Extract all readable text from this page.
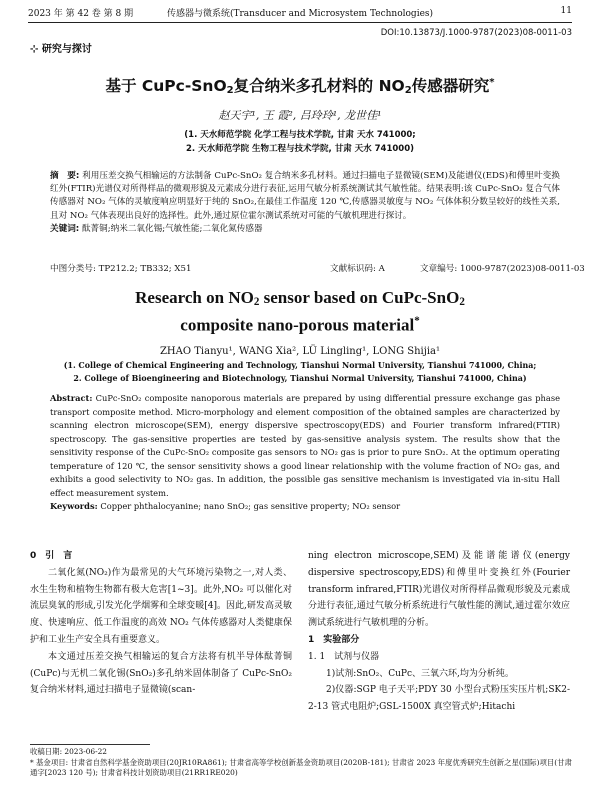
2023 年 第 42 卷 第 8 期	传感器与微系统(Transducer and Microsystem Technologies)	11
DOI:10.13873/J.1000-9787(2023)08-0011-03
⊹ 研究与探讨
基于 CuPc-SnO$_2$复合纳米多孔材料的 $NO_2$传感器研究*
赵天宇¹, 王 霞², 吕玲玲¹, 龙世佳¹
(1. 天水师范学院 化学工程与技术学院, 甘肃 天水 741000;
2. 天水师范学院 生物工程与技术学院, 甘肃 天水 741000)
摘　要: 利用压差交换气相输运的方法制备 CuPc-SnO₂ 复合纳米多孔材料。通过扫描电子显微镜(SEM)及能谱仪(EDS)和傅里叶变换红外(FTIR)光谱仪对所得样品的微观形貌及元素成分进行表征,运用气敏分析系统测试其气敏性能。结果表明:该 CuPc-SnO₂ 复合气体传感器对 NO₂ 气体的灵敏度响应明显好于纯的 SnO₂,在最佳工作温度 120 ℃,传感器灵敏度与 NO₂ 气体体积分数呈较好的线性关系,且对 NO₂ 气体表现出良好的选择性。此外,通过原位霍尔测试系统对可能的气敏机理进行探讨。
关键词: 酞菁铜;纳米二氧化锡;气敏性能;二氧化氮传感器
中图分类号: TP212.2; TB332; X51	文献标识码: A	文章编号: 1000-9787(2023)08-0011-03
Research on $NO_2$ sensor based on CuPc-SnO$_2$
composite nano-porous material*
ZHAO Tianyu¹, WANG Xia², LÜ Lingling¹, LONG Shijia¹
(1. College of Chemical Engineering and Technology, Tianshui Normal University, Tianshui 741000, China;
2. College of Bioengineering and Biotechnology, Tianshui Normal University, Tianshui 741000, China)
Abstract: CuPc-SnO₂ composite nanoporous materials are prepared by using differential pressure exchange gas phase transport composite method. Micro-morphology and element composition of the obtained samples are characterized by scanning electron microscope(SEM), energy dispersive spectroscopy(EDS) and Fourier transform infrared(FTIR) spectroscopy. The gas-sensitive properties are tested by gas-sensitive analysis system. The results show that the sensitivity response of the CuPc-SnO₂ composite gas sensors to NO₂ gas is prior to pure SnO₂. At the optimum operating temperature of 120 ℃, the sensor sensitivity shows a good linear relationship with the volume fraction of NO₂ gas, and exhibits a good selectivity to NO₂ gas. In addition, the possible gas sensitive mechanism is investigated via in-situ Hall effect measurement system.
Keywords: Copper phthalocyanine; nano SnO₂; gas sensitive property; NO₂ sensor
0　引　言
二氧化氮(NO₂)作为最常见的大气环境污染物之一,对人类、水生生物和植物生物都有极大危害[1~3]。此外,NO₂ 可以催化对流层臭氧的形成,引发光化学烟雾和全球变暖[4]。因此,研发高灵敏度、快速响应、低工作温度的高效 NO₂ 气体传感器对人类健康保护和工业生产安全具有重要意义。
本文通过压差交换气相输运的复合方法将有机半导体酞菁铜(CuPc)与无机二氧化锡(SnO₂)多孔纳米固体制备了 CuPc-SnO₂ 复合纳米材料,通过扫描电子显微镜(scan-
ning electron microscope,SEM)及能谱能谱仪(energy dispersive spectroscopy,EDS)和傅里叶变换红外(Fourier transform infrared,FTIR)光谱仪对所得样品微观形貌及元素成分进行表征,通过气敏分析系统进行气敏性能的测试,通过霍尔效应测试系统进行气敏机理的分析。
1　实验部分
1. 1　试剂与仪器
1)试剂:SnO₂、CuPc、三氧六环,均为分析纯。
2)仪器:SGP 电子天平;PDY 30 小型台式粉压实压片机;SK2-2-13 管式电阻炉;GSL-1500X 真空管式炉;Hitachi
收稿日期: 2023-06-22
* 基金项目: 甘肃省自然科学基金资助项目(20JR10RA861); 甘肃省高等学校创新基金资助项目(2020B-181); 甘肃省 2023 年度优秀研究生创新之星(国际)项目(甘肃通字[2023 120 号); 甘肃省科技计划资助项目(21RR1RE020)
